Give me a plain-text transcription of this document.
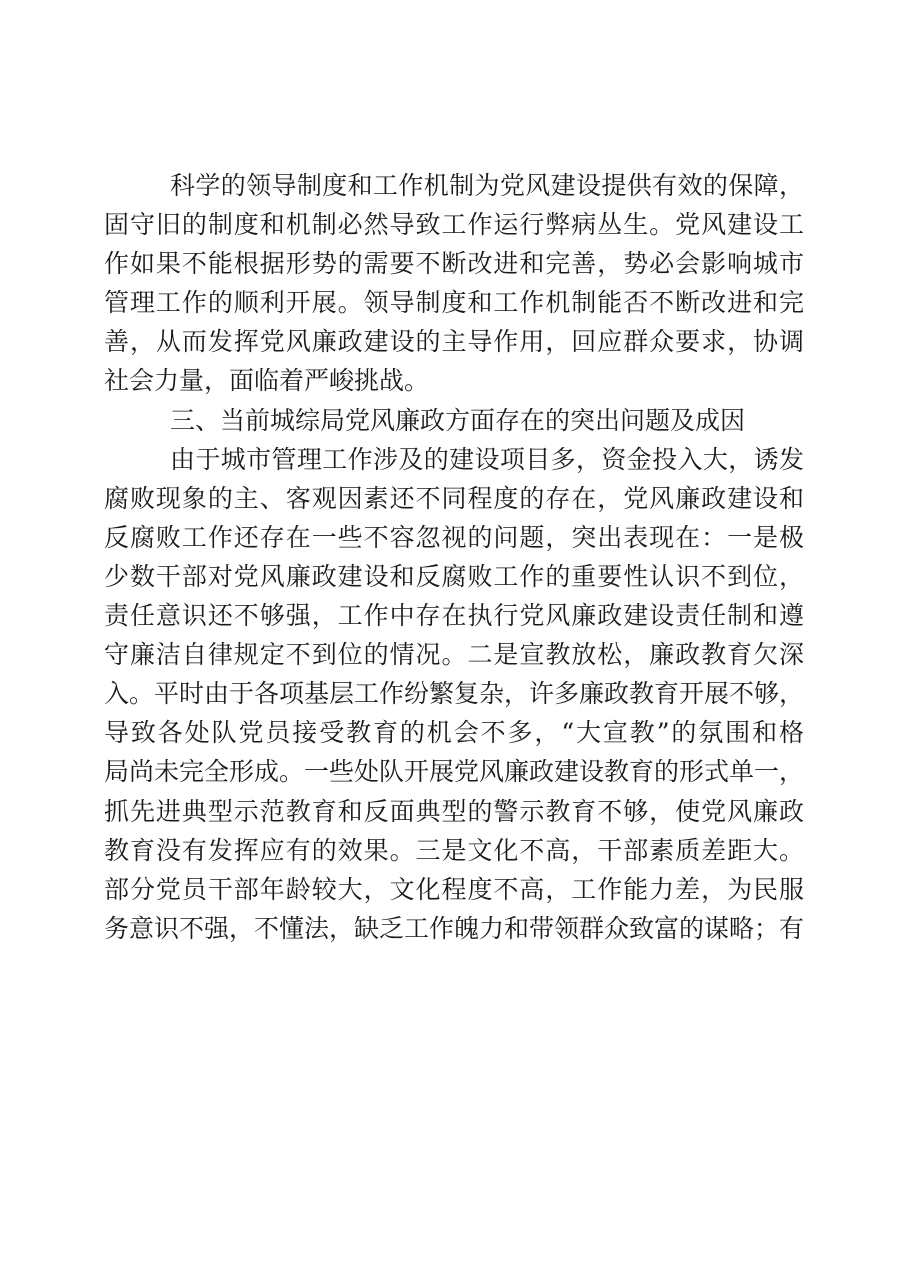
科学的领导制度和工作机制为党风建设提供有效的保障，
固守旧的制度和机制必然导致工作运行弊病丛生。党风建设工
作如果不能根据形势的需要不断改进和完善，势必会影响城市
管理工作的顺利开展。领导制度和工作机制能否不断改进和完
善，从而发挥党风廉政建设的主导作用，回应群众要求，协调
社会力量，面临着严峻挑战。
三、当前城综局党风廉政方面存在的突出问题及成因
由于城市管理工作涉及的建设项目多，资金投入大，诱发
腐败现象的主、客观因素还不同程度的存在，党风廉政建设和
反腐败工作还存在一些不容忽视的问题，突出表现在：一是极
少数干部对党风廉政建设和反腐败工作的重要性认识不到位，
责任意识还不够强，工作中存在执行党风廉政建设责任制和遵
守廉洁自律规定不到位的情况。二是宣教放松，廉政教育欠深
入。平时由于各项基层工作纷繁复杂，许多廉政教育开展不够，
导致各处队党员接受教育的机会不多，“大宣教”的氛围和格
局尚未完全形成。一些处队开展党风廉政建设教育的形式单一，
抓先进典型示范教育和反面典型的警示教育不够，使党风廉政
教育没有发挥应有的效果。三是文化不高，干部素质差距大。
部分党员干部年龄较大，文化程度不高，工作能力差，为民服
务意识不强，不懂法，缺乏工作魄力和带领群众致富的谋略；有
